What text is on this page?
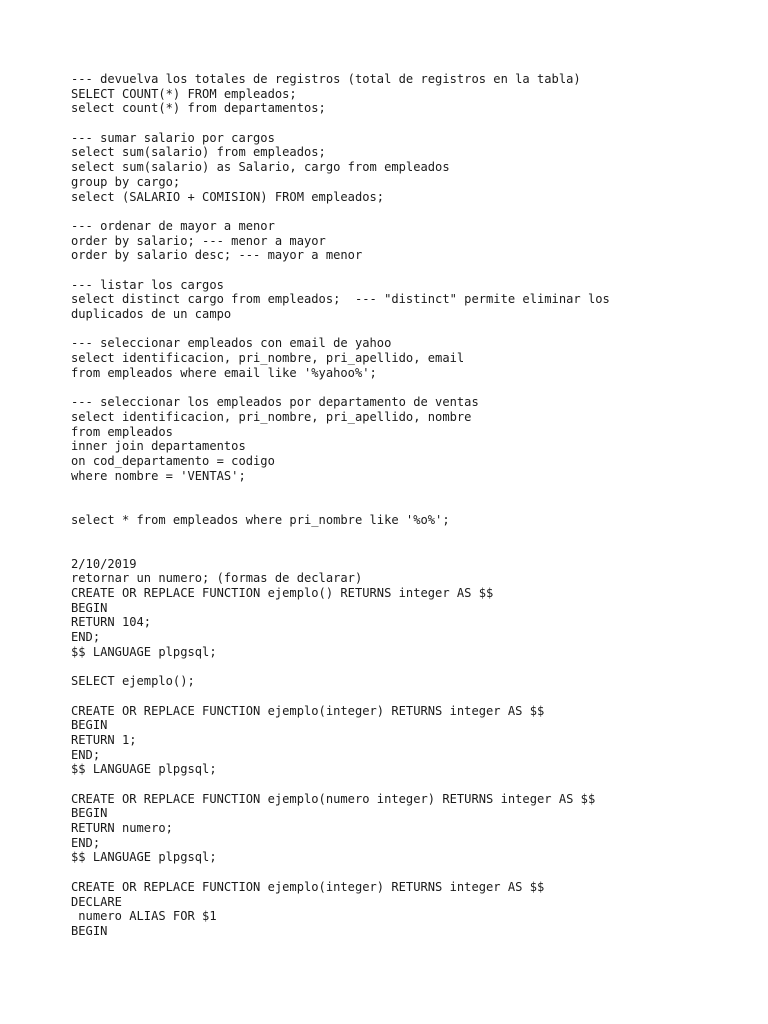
--- devuelva los totales de registros (total de registros en la tabla)
SELECT COUNT(*) FROM empleados;
select count(*) from departamentos;
--- sumar salario por cargos
select sum(salario) from empleados;
select sum(salario) as Salario, cargo from empleados
group by cargo;
select (SALARIO + COMISION) FROM empleados;
--- ordenar de mayor a menor
order by salario; --- menor a mayor
order by salario desc; --- mayor a menor
--- listar los cargos
select distinct cargo from empleados;  --- "distinct" permite eliminar los
duplicados de un campo
--- seleccionar empleados con email de yahoo
select identificacion, pri_nombre, pri_apellido, email
from empleados where email like '%yahoo%';
--- seleccionar los empleados por departamento de ventas
select identificacion, pri_nombre, pri_apellido, nombre
from empleados
inner join departamentos
on cod_departamento = codigo
where nombre = 'VENTAS';
select * from empleados where pri_nombre like '%o%';
2/10/2019
retornar un numero; (formas de declarar)
CREATE OR REPLACE FUNCTION ejemplo() RETURNS integer AS $$
BEGIN
RETURN 104;
END;
$$ LANGUAGE plpgsql;
SELECT ejemplo();
CREATE OR REPLACE FUNCTION ejemplo(integer) RETURNS integer AS $$
BEGIN
RETURN 1;
END;
$$ LANGUAGE plpgsql;
CREATE OR REPLACE FUNCTION ejemplo(numero integer) RETURNS integer AS $$
BEGIN
RETURN numero;
END;
$$ LANGUAGE plpgsql;
CREATE OR REPLACE FUNCTION ejemplo(integer) RETURNS integer AS $$
DECLARE
numero ALIAS FOR $1
BEGIN
